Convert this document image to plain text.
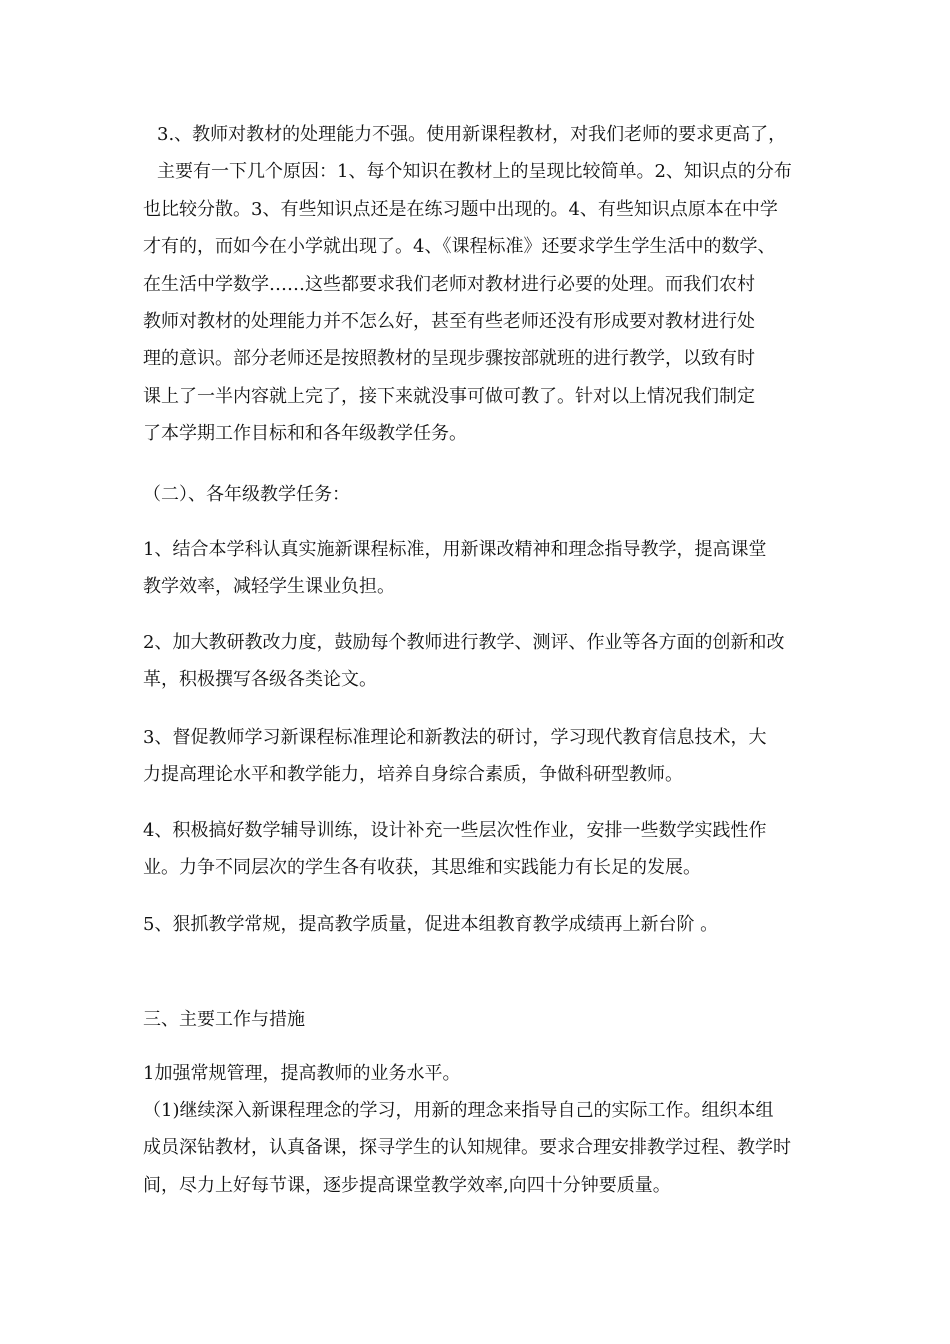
3.、教师对教材的处理能力不强。使用新课程教材，对我们老师的要求更高了，
主要有一下几个原因：1、每个知识在教材上的呈现比较简单。2、知识点的分布
也比较分散。3、有些知识点还是在练习题中出现的。4、有些知识点原本在中学
才有的，而如今在小学就出现了。4、《课程标准》还要求学生学生活中的数学、
在生活中学数学……这些都要求我们老师对教材进行必要的处理。而我们农村
教师对教材的处理能力并不怎么好，甚至有些老师还没有形成要对教材进行处
理的意识。部分老师还是按照教材的呈现步骤按部就班的进行教学，以致有时
课上了一半内容就上完了，接下来就没事可做可教了。针对以上情况我们制定
了本学期工作目标和和各年级教学任务。
（二）、各年级教学任务：
1、结合本学科认真实施新课程标准，用新课改精神和理念指导教学，提高课堂
教学效率，减轻学生课业负担。
2、加大教研教改力度，鼓励每个教师进行教学、测评、作业等各方面的创新和改
革，积极撰写各级各类论文。
3、督促教师学习新课程标准理论和新教法的研讨，学习现代教育信息技术，大
力提高理论水平和教学能力，培养自身综合素质，争做科研型教师。
4、积极搞好数学辅导训练，设计补充一些层次性作业，安排一些数学实践性作
业。力争不同层次的学生各有收获，其思维和实践能力有长足的发展。
5、狠抓教学常规，提高教学质量，促进本组教育教学成绩再上新台阶 。
三、主要工作与措施
1加强常规管理，提高教师的业务水平。
（1)继续深入新课程理念的学习，用新的理念来指导自己的实际工作。组织本组
成员深钻教材，认真备课，探寻学生的认知规律。要求合理安排教学过程、教学时
间，尽力上好每节课，逐步提高课堂教学效率,向四十分钟要质量。
